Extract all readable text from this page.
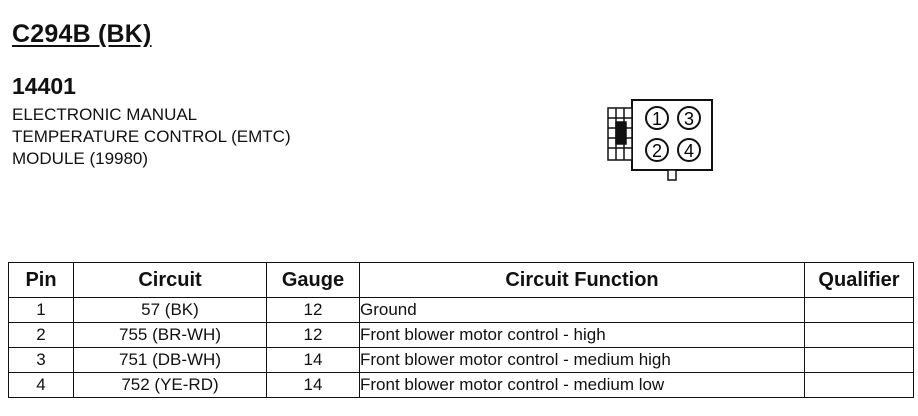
C294B (BK)
14401
ELECTRONIC MANUAL
TEMPERATURE CONTROL (EMTC)
MODULE (19980)
1 3
2 4
Pin	Circuit	Gauge	Circuit Function	Qualifier
1	57 (BK)	12	Ground	
2	755 (BR-WH)	12	Front blower motor control - high	
3	751 (DB-WH)	14	Front blower motor control - medium high	
4	752 (YE-RD)	14	Front blower motor control - medium low	
